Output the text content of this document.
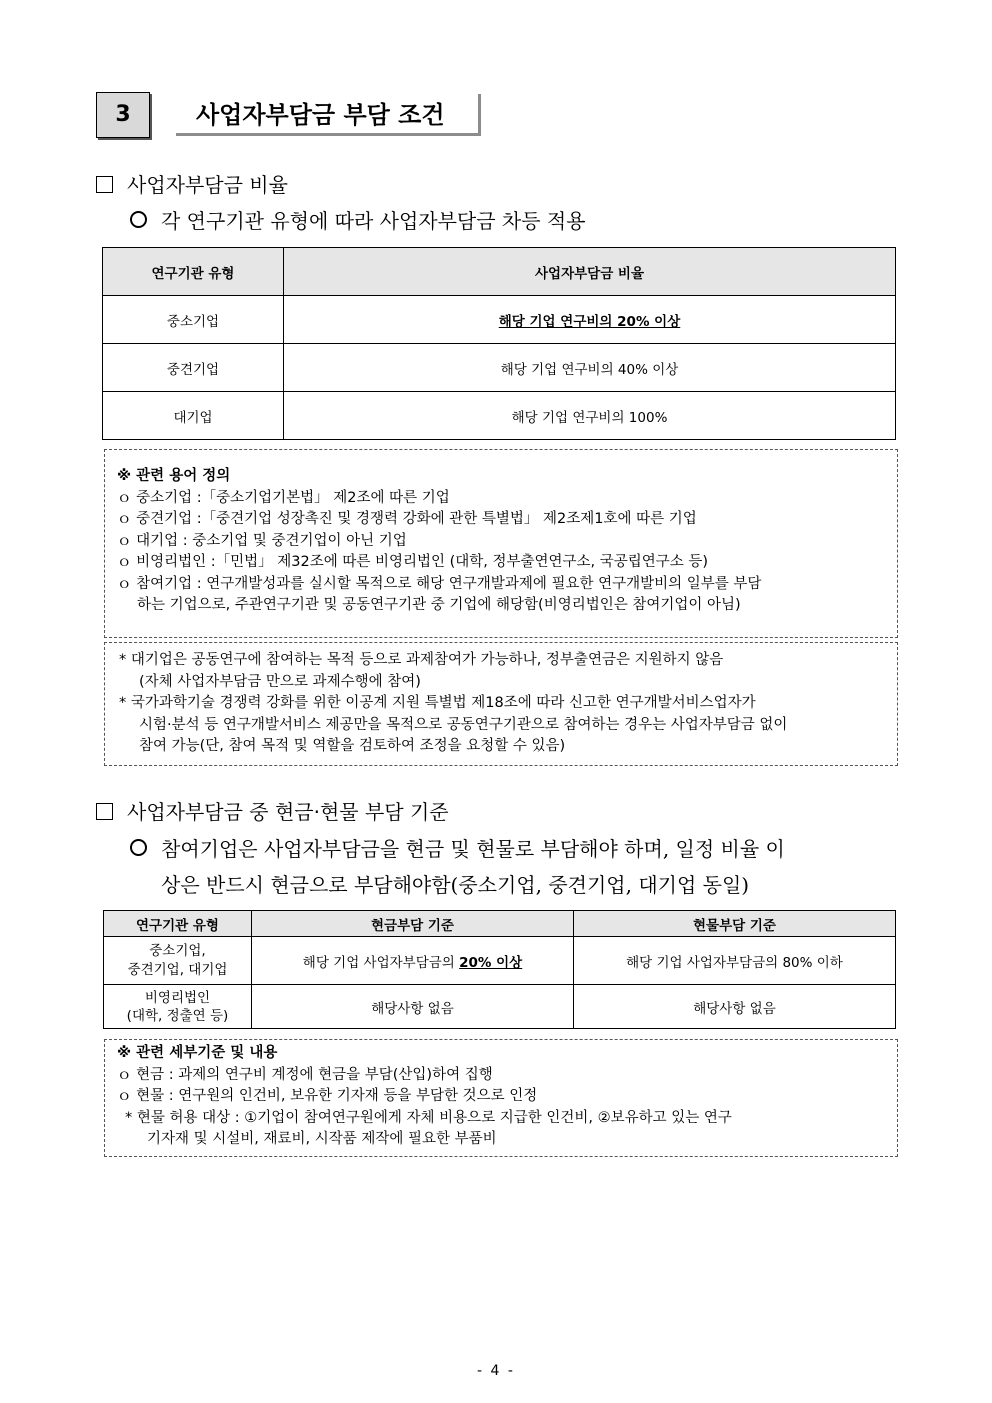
3	사업자부담금 부담 조건
사업자부담금 비율
각 연구기관 유형에 따라 사업자부담금 차등 적용
연구기관 유형	사업자부담금 비율
중소기업	해당 기업 연구비의 20% 이상
중견기업	해당 기업 연구비의 40% 이상
대기업	해당 기업 연구비의 100%
※ 관련 용어 정의
ｏ 중소기업 :「중소기업기본법」 제2조에 따른 기업
ｏ 중견기업 :「중견기업 성장촉진 및 경쟁력 강화에 관한 특별법」 제2조제1호에 따른 기업
ｏ 대기업 : 중소기업 및 중견기업이 아닌 기업
ｏ 비영리법인 :「민법」 제32조에 따른 비영리법인 (대학, 정부출연연구소, 국공립연구소 등)
ｏ 참여기업 : 연구개발성과를 실시할 목적으로 해당 연구개발과제에 필요한 연구개발비의 일부를 부담
하는 기업으로, 주관연구기관 및 공동연구기관 중 기업에 해당함(비영리법인은 참여기업이 아님)
* 대기업은 공동연구에 참여하는 목적 등으로 과제참여가 가능하나, 정부출연금은 지원하지 않음
(자체 사업자부담금 만으로 과제수행에 참여)
* 국가과학기술 경쟁력 강화를 위한 이공계 지원 특별법 제18조에 따라 신고한 연구개발서비스업자가
시험·분석 등 연구개발서비스 제공만을 목적으로 공동연구기관으로 참여하는 경우는 사업자부담금 없이
참여 가능(단, 참여 목적 및 역할을 검토하여 조정을 요청할 수 있음)
사업자부담금 중 현금·현물 부담 기준
참여기업은 사업자부담금을 현금 및 현물로 부담해야 하며, 일정 비율 이
상은 반드시 현금으로 부담해야함(중소기업, 중견기업, 대기업 동일)
연구기관 유형	현금부담 기준	현물부담 기준

중소기업,
중견기업, 대기업	해당 기업 사업자부담금의 20% 이상	해당 기업 사업자부담금의 80% 이하

비영리법인
(대학, 정출연 등)	해당사항 없음	해당사항 없음
※ 관련 세부기준 및 내용
ｏ 현금 : 과제의 연구비 계정에 현금을 부담(산입)하여 집행
ｏ 현물 : 연구원의 인건비, 보유한 기자재 등을 부담한 것으로 인정
* 현물 허용 대상 : ①기업이 참여연구원에게 자체 비용으로 지급한 인건비, ②보유하고 있는 연구
기자재 및 시설비, 재료비, 시작품 제작에 필요한 부품비
- 4 -
